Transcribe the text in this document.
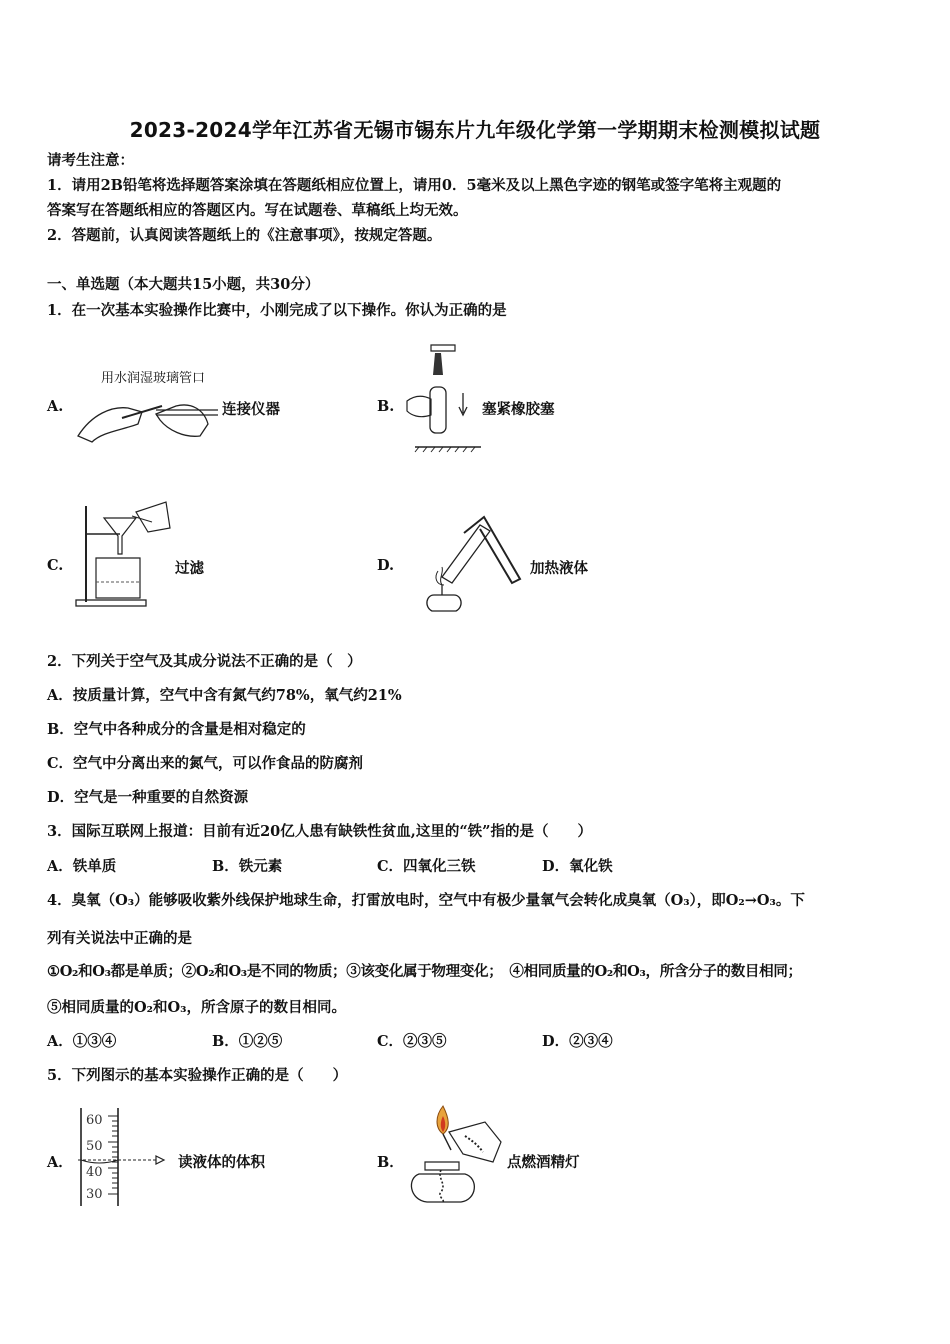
2023-2024学年江苏省无锡市锡东片九年级化学第一学期期末检测模拟试题
请考生注意：
1．请用2B铅笔将选择题答案涂填在答题纸相应位置上，请用0．5毫米及以上黑色字迹的钢笔或签字笔将主观题的
答案写在答题纸相应的答题区内。写在试题卷、草稿纸上均无效。
2．答题前，认真阅读答题纸上的《注意事项》，按规定答题。
一、单选题（本大题共15小题，共30分）
1．在一次基本实验操作比赛中，小刚完成了以下操作。你认为正确的是
A.
用水润湿玻璃管口
连接仪器	B.	塞紧橡胶塞
C.	过滤	D.	加热液体
2．下列关于空气及其成分说法不正确的是（　）
A．按质量计算，空气中含有氮气约78%，氧气约21%
B．空气中各种成分的含量是相对稳定的
C．空气中分离出来的氮气，可以作食品的防腐剂
D．空气是一种重要的自然资源
3．国际互联网上报道：目前有近20亿人患有缺铁性贫血,这里的“铁”指的是（　　）
A．铁单质	B．铁元素	C．四氧化三铁	D．氧化铁
4．臭氧（O₃）能够吸收紫外线保护地球生命，打雷放电时，空气中有极少量氧气会转化成臭氧（O₃），即O₂→O₃。下
列有关说法中正确的是
①O₂和O₃都是单质；②O₂和O₃是不同的物质；③该变化属于物理变化；　④相同质量的O₂和O₃，所含分子的数目相同；
⑤相同质量的O₂和O₃，所含原子的数目相同。
A．①③④	B．①②⑤	C．②③⑤	D．②③④
5．下列图示的基本实验操作正确的是（　　）
A．
60
50
40
30
读液体的体积	B．	点燃酒精灯
